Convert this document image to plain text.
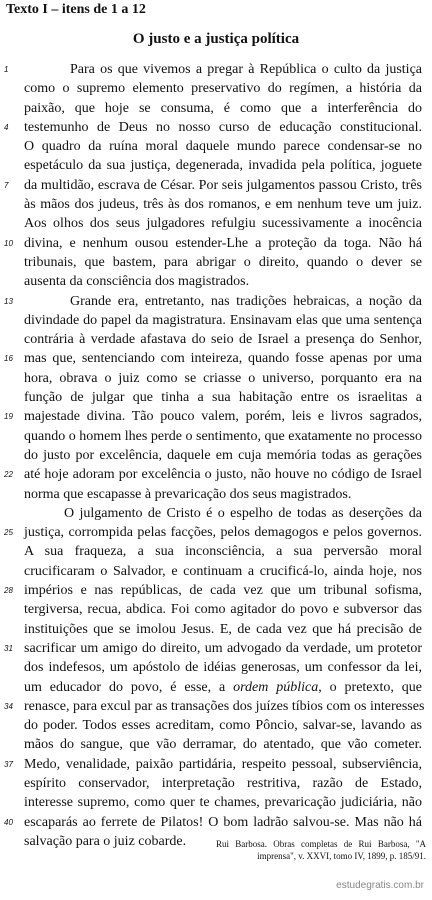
Texto I – itens de 1 a 12
O justo e a justiça política
1	Para os que vivemos a pregar à República o culto da justiça
como o supremo elemento preservativo do regímen, a história da
paixão, que hoje se consuma, é como que a interferência do
4 testemunho de Deus no nosso curso de educação constitucional.
O quadro da ruína moral daquele mundo parece condensar-se no
espetáculo da sua justiça, degenerada, invadida pela política, joguete
7 da multidão, escrava de César. Por seis julgamentos passou Cristo, três
às mãos dos judeus, três às dos romanos, e em nenhum teve um juiz.
Aos olhos dos seus julgadores refulgiu sucessivamente a inocência
10 divina, e nenhum ousou estender-Lhe a proteção da toga. Não há
tribunais, que bastem, para abrigar o direito, quando o dever se
ausenta da consciência dos magistrados.
13	Grande era, entretanto, nas tradições hebraicas, a noção da
divindade do papel da magistratura. Ensinavam elas que uma sentença
contrária à verdade afastava do seio de Israel a presença do Senhor,
16 mas que, sentenciando com inteireza, quando fosse apenas por uma
hora, obrava o juiz como se criasse o universo, porquanto era na
função de julgar que tinha a sua habitação entre os israelitas a
19 majestade divina. Tão pouco valem, porém, leis e livros sagrados,
quando o homem lhes perde o sentimento, que exatamente no processo
do justo por excelência, daquele em cuja memória todas as gerações
22 até hoje adoram por excelência o justo, não houve no código de Israel
norma que escapasse à prevaricação dos seus magistrados.
O julgamento de Cristo é o espelho de todas as deserções da
25 justiça, corrompida pelas facções, pelos demagogos e pelos governos.
A sua fraqueza, a sua inconsciência, a sua perversão moral
crucificaram o Salvador, e continuam a crucificá-lo, ainda hoje, nos
28 impérios e nas repúblicas, de cada vez que um tribunal sofisma,
tergiversa, recua, abdica. Foi como agitador do povo e subversor das
instituições que se imolou Jesus. E, de cada vez que há precisão de
31 sacrificar um amigo do direito, um advogado da verdade, um protetor
dos indefesos, um apóstolo de idéias generosas, um confessor da lei,
um educador do povo, é esse, a ordem pública, o pretexto, que
34 renasce, para excul par as transações dos juízes tíbios com os interesses
do poder. Todos esses acreditam, como Pôncio, salvar-se, lavando as
mãos do sangue, que vão derramar, do atentado, que vão cometer.
37 Medo, venalidade, paixão partidária, respeito pessoal, subserviência,
espírito conservador, interpretação restritiva, razão de Estado,
interesse supremo, como quer te chames, prevaricação judiciária, não
40 escaparás ao ferrete de Pilatos! O bom ladrão salvou-se. Mas não há
salvação para o juiz cobarde.	Rui Barbosa. Obras completas de Rui Barbosa, "A imprensa", v. XXVI, tomo IV, 1899, p. 185/91.
estudegratis.com.br
